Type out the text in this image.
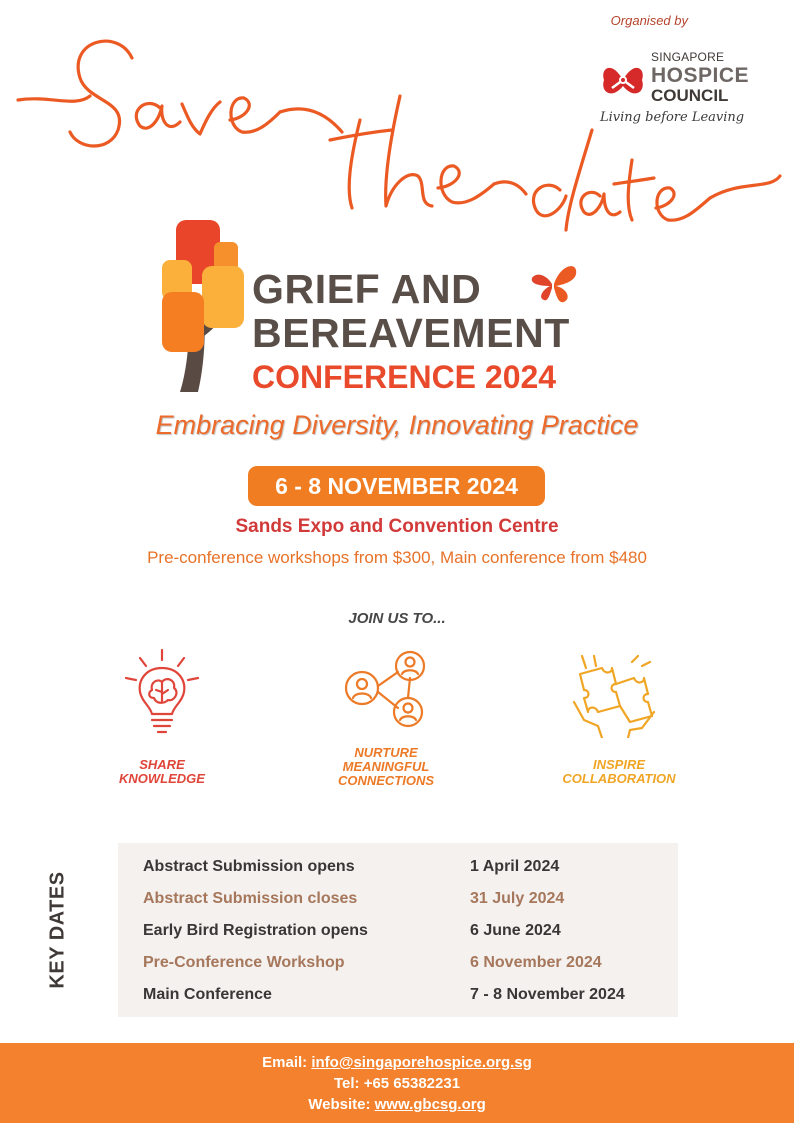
Organised by
SINGAPORE
HOSPICE
COUNCIL
Living before Leaving
GRIEF AND
BEREAVEMENT
CONFERENCE 2024
Embracing Diversity, Innovating Practice
6 - 8 NOVEMBER 2024
Sands Expo and Convention Centre
Pre-conference workshops from $300, Main conference from $480
JOIN US TO...
SHARE
KNOWLEDGE
NURTURE
MEANINGFUL
CONNECTIONS
INSPIRE
COLLABORATION
KEY DATES
Abstract Submission opens	1 April 2024
Abstract Submission closes	31 July 2024
Early Bird Registration opens	6 June 2024
Pre-Conference Workshop	6 November 2024
Main Conference	7 - 8 November 2024
Email: info@singaporehospice.org.sg
Tel: +65 65382231
Website: www.gbcsg.org
